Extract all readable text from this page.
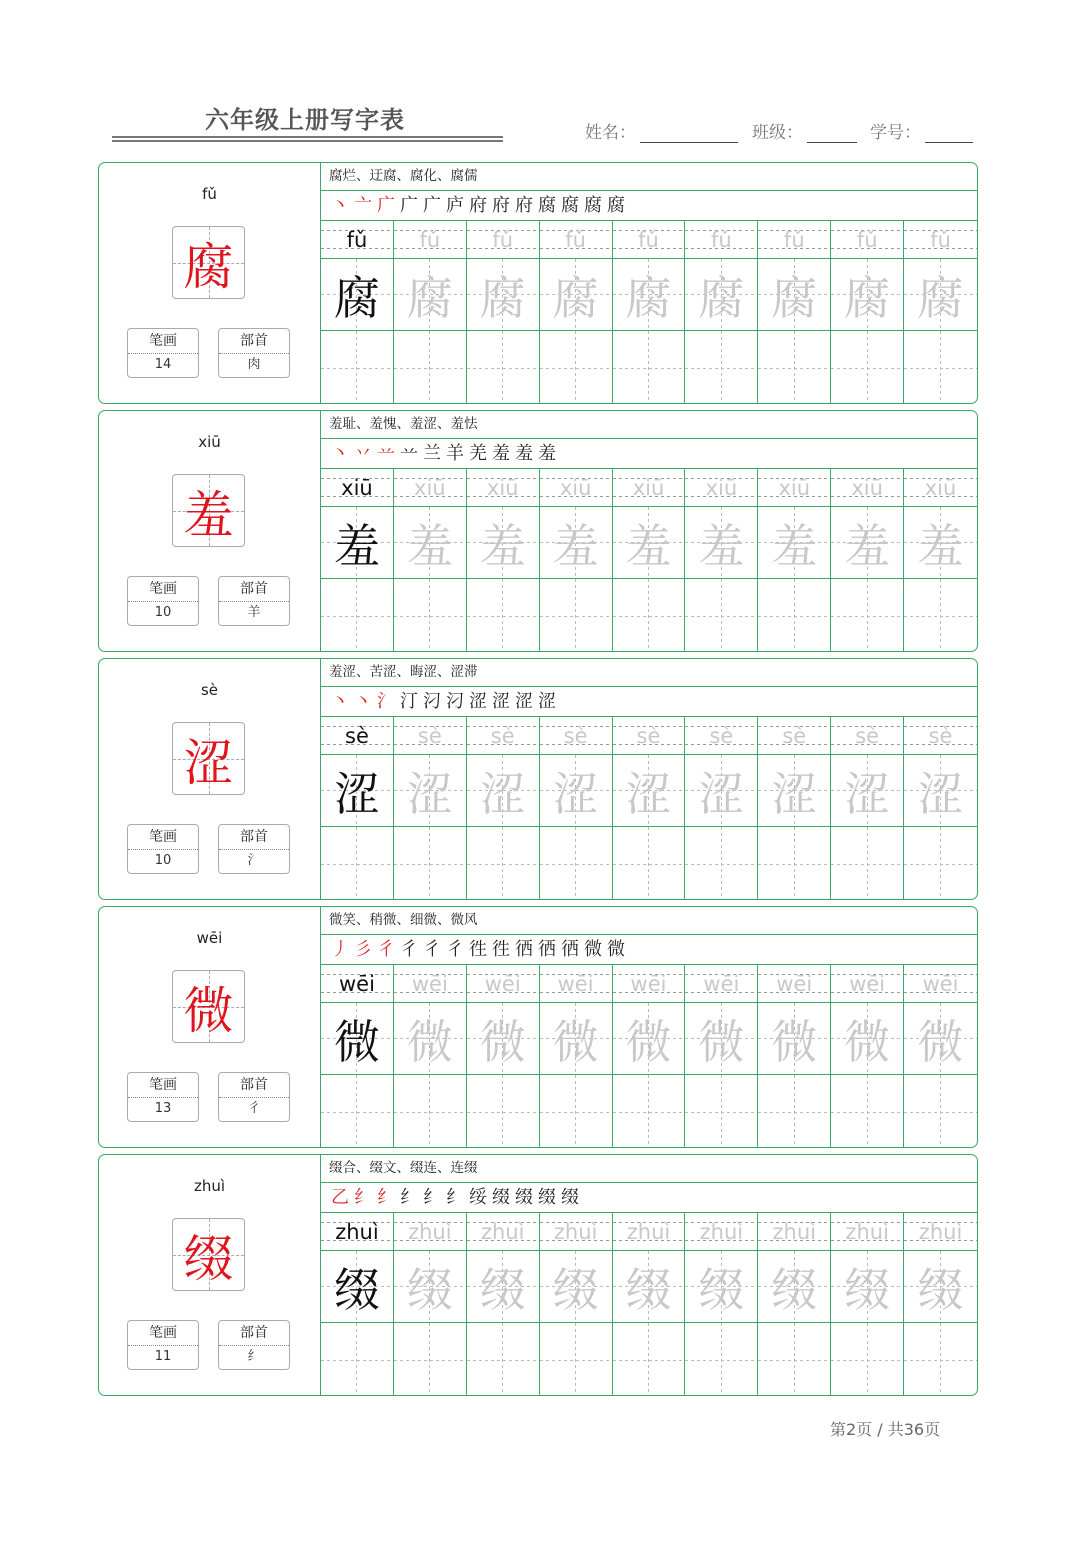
六年级上册写字表	姓名：	班级：	学号：
fǔ
腐
笔画
14
部首
肉
腐烂、迂腐、腐化、腐儒
丶 亠 广 广 广 庐 府 府 府 腐 腐 腐 腐
fǔ	fǔ	fǔ	fǔ	fǔ	fǔ	fǔ	fǔ	fǔ
腐 腐 腐 腐 腐 腐 腐 腐 腐
xiū
羞
笔画
10
部首
羊
羞耻、羞愧、羞涩、羞怯
丶 丷 䒑 䒑 兰 羊 羌 羞 羞 羞
xiū	xiū	xiū	xiū	xiū	xiū	xiū	xiū	xiū
羞 羞 羞 羞 羞 羞 羞 羞 羞
sè
涩
笔画
10
部首
氵
羞涩、苦涩、晦涩、涩滞
丶 丶 氵 汀 汈 汈 涩 涩 涩 涩
sè	sè	sè	sè	sè	sè	sè	sè	sè
涩 涩 涩 涩 涩 涩 涩 涩 涩
wēi
微
笔画
13
部首
彳
微笑、稍微、细微、微风
丿 彡 彳 彳 彳 彳 徃 徃 徆 徆 徆 微 微
wēi	wēi	wēi	wēi	wēi	wēi	wēi	wēi	wēi
微 微 微 微 微 微 微 微 微
zhuì
缀
笔画
11
部首
纟
缀合、缀文、缀连、连缀
乙 纟 纟 纟 纟 纟 绥 缀 缀 缀 缀
zhuì	zhuì	zhuì	zhuì	zhuì	zhuì	zhuì	zhuì	zhuì
缀 缀 缀 缀 缀 缀 缀 缀 缀
第2页 / 共36页
